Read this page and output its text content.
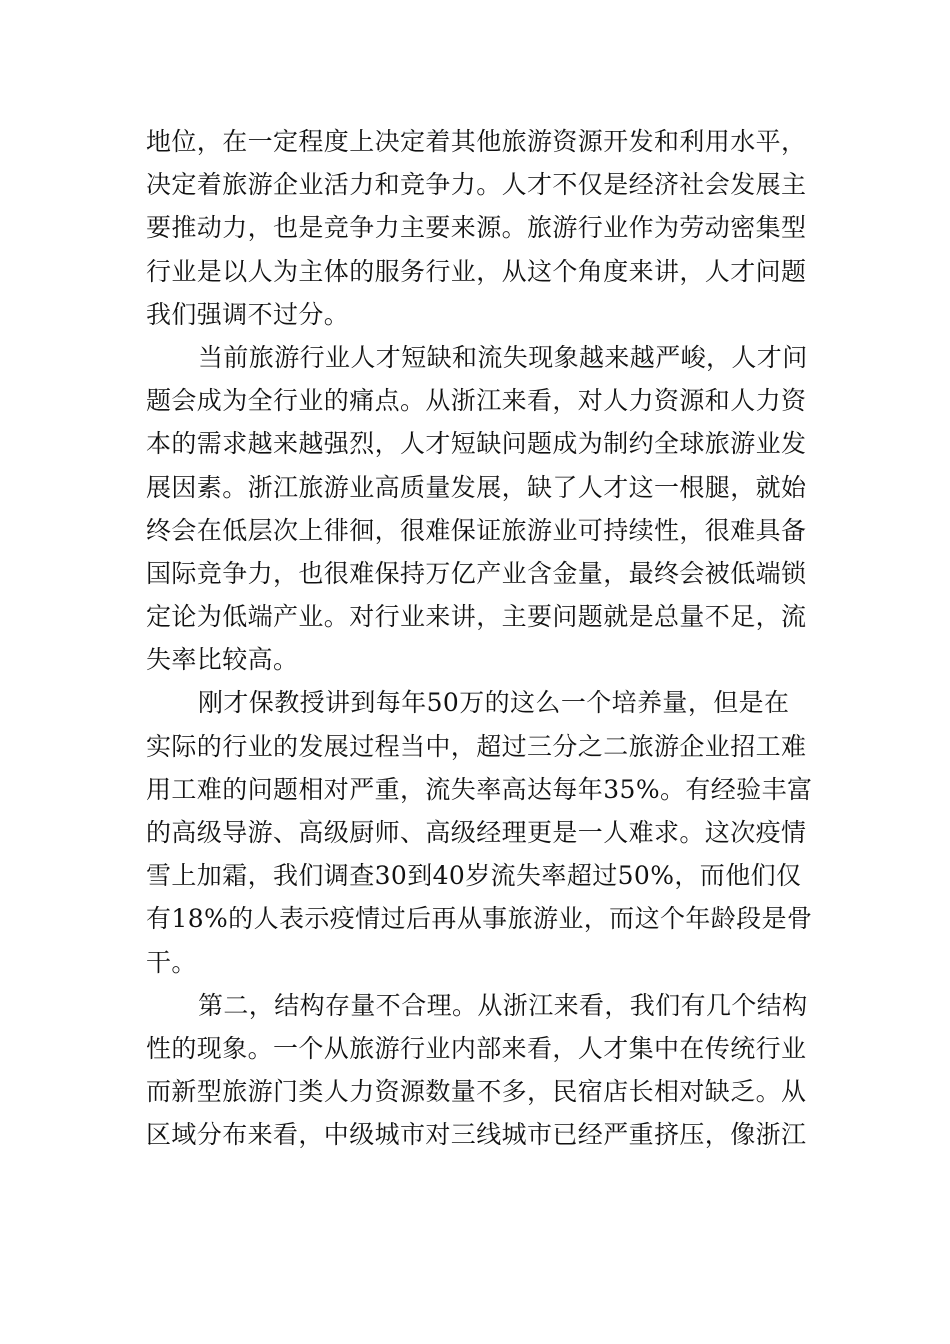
地位，在一定程度上决定着其他旅游资源开发和利用水平，
决定着旅游企业活力和竞争力。人才不仅是经济社会发展主
要推动力，也是竞争力主要来源。旅游行业作为劳动密集型
行业是以人为主体的服务行业，从这个角度来讲，人才问题
我们强调不过分。
当前旅游行业人才短缺和流失现象越来越严峻，人才问
题会成为全行业的痛点。从浙江来看，对人力资源和人力资
本的需求越来越强烈，人才短缺问题成为制约全球旅游业发
展因素。浙江旅游业高质量发展，缺了人才这一根腿，就始
终会在低层次上徘徊，很难保证旅游业可持续性，很难具备
国际竞争力，也很难保持万亿产业含金量，最终会被低端锁
定论为低端产业。对行业来讲，主要问题就是总量不足，流
失率比较高。
刚才保教授讲到每年50万的这么一个培养量，但是在
实际的行业的发展过程当中，超过三分之二旅游企业招工难
用工难的问题相对严重，流失率高达每年35%。有经验丰富
的高级导游、高级厨师、高级经理更是一人难求。这次疫情
雪上加霜，我们调查30到40岁流失率超过50%，而他们仅
有18%的人表示疫情过后再从事旅游业，而这个年龄段是骨
干。
第二，结构存量不合理。从浙江来看，我们有几个结构
性的现象。一个从旅游行业内部来看，人才集中在传统行业
而新型旅游门类人力资源数量不多，民宿店长相对缺乏。从
区域分布来看，中级城市对三线城市已经严重挤压，像浙江
